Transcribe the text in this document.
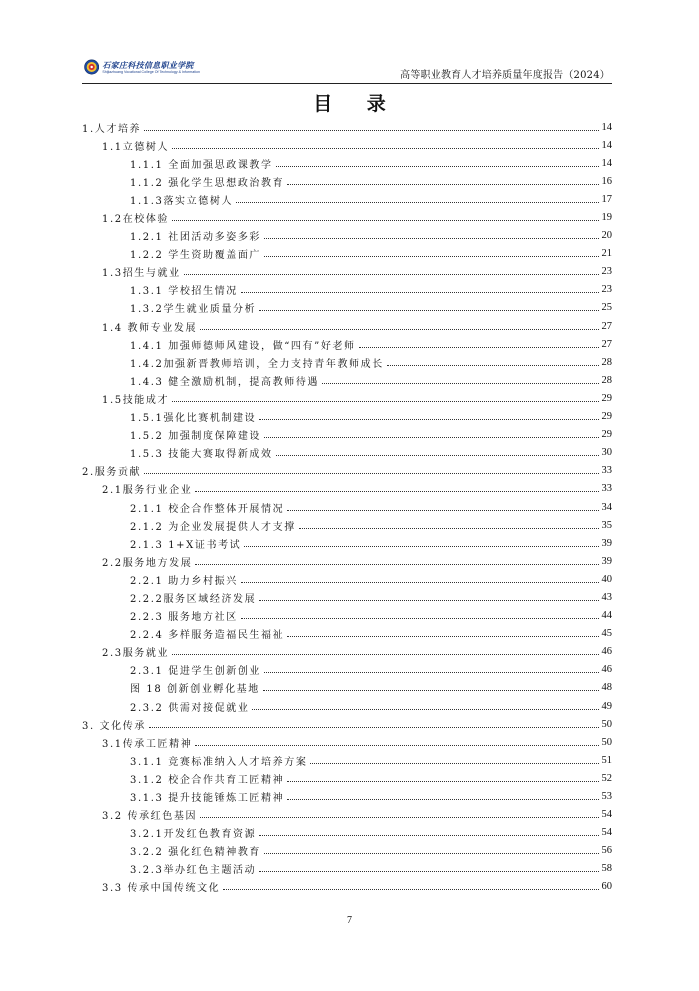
石家庄科技信息职业学院
Shijiazhuang Vocational College Of Technology & Information	高等职业教育人才培养质量年度报告（2024）
目 录
1.人才培养	14
1.1立德树人	14
1.1.1 全面加强思政课教学	14
1.1.2 强化学生思想政治教育	16
1.1.3落实立德树人	17
1.2在校体验	19
1.2.1 社团活动多姿多彩	20
1.2.2 学生资助覆盖面广	21
1.3招生与就业	23
1.3.1 学校招生情况	23
1.3.2学生就业质量分析	25
1.4 教师专业发展	27
1.4.1 加强师德师风建设，做“四有”好老师	27
1.4.2加强新晋教师培训，全力支持青年教师成长	28
1.4.3 健全激励机制，提高教师待遇	28
1.5技能成才	29
1.5.1强化比赛机制建设	29
1.5.2 加强制度保障建设	29
1.5.3 技能大赛取得新成效	30
2.服务贡献	33
2.1服务行业企业	33
2.1.1 校企合作整体开展情况	34
2.1.2 为企业发展提供人才支撑	35
2.1.3 1+X证书考试	39
2.2服务地方发展	39
2.2.1 助力乡村振兴	40
2.2.2服务区域经济发展	43
2.2.3 服务地方社区	44
2.2.4 多样服务造福民生福祉	45
2.3服务就业	46
2.3.1 促进学生创新创业	46
图 18 创新创业孵化基地	48
2.3.2 供需对接促就业	49
3. 文化传承	50
3.1传承工匠精神	50
3.1.1 竞赛标准纳入人才培养方案	51
3.1.2 校企合作共育工匠精神	52
3.1.3 提升技能锤炼工匠精神	53
3.2 传承红色基因	54
3.2.1开发红色教育资源	54
3.2.2 强化红色精神教育	56
3.2.3举办红色主题活动	58
3.3 传承中国传统文化	60
7
